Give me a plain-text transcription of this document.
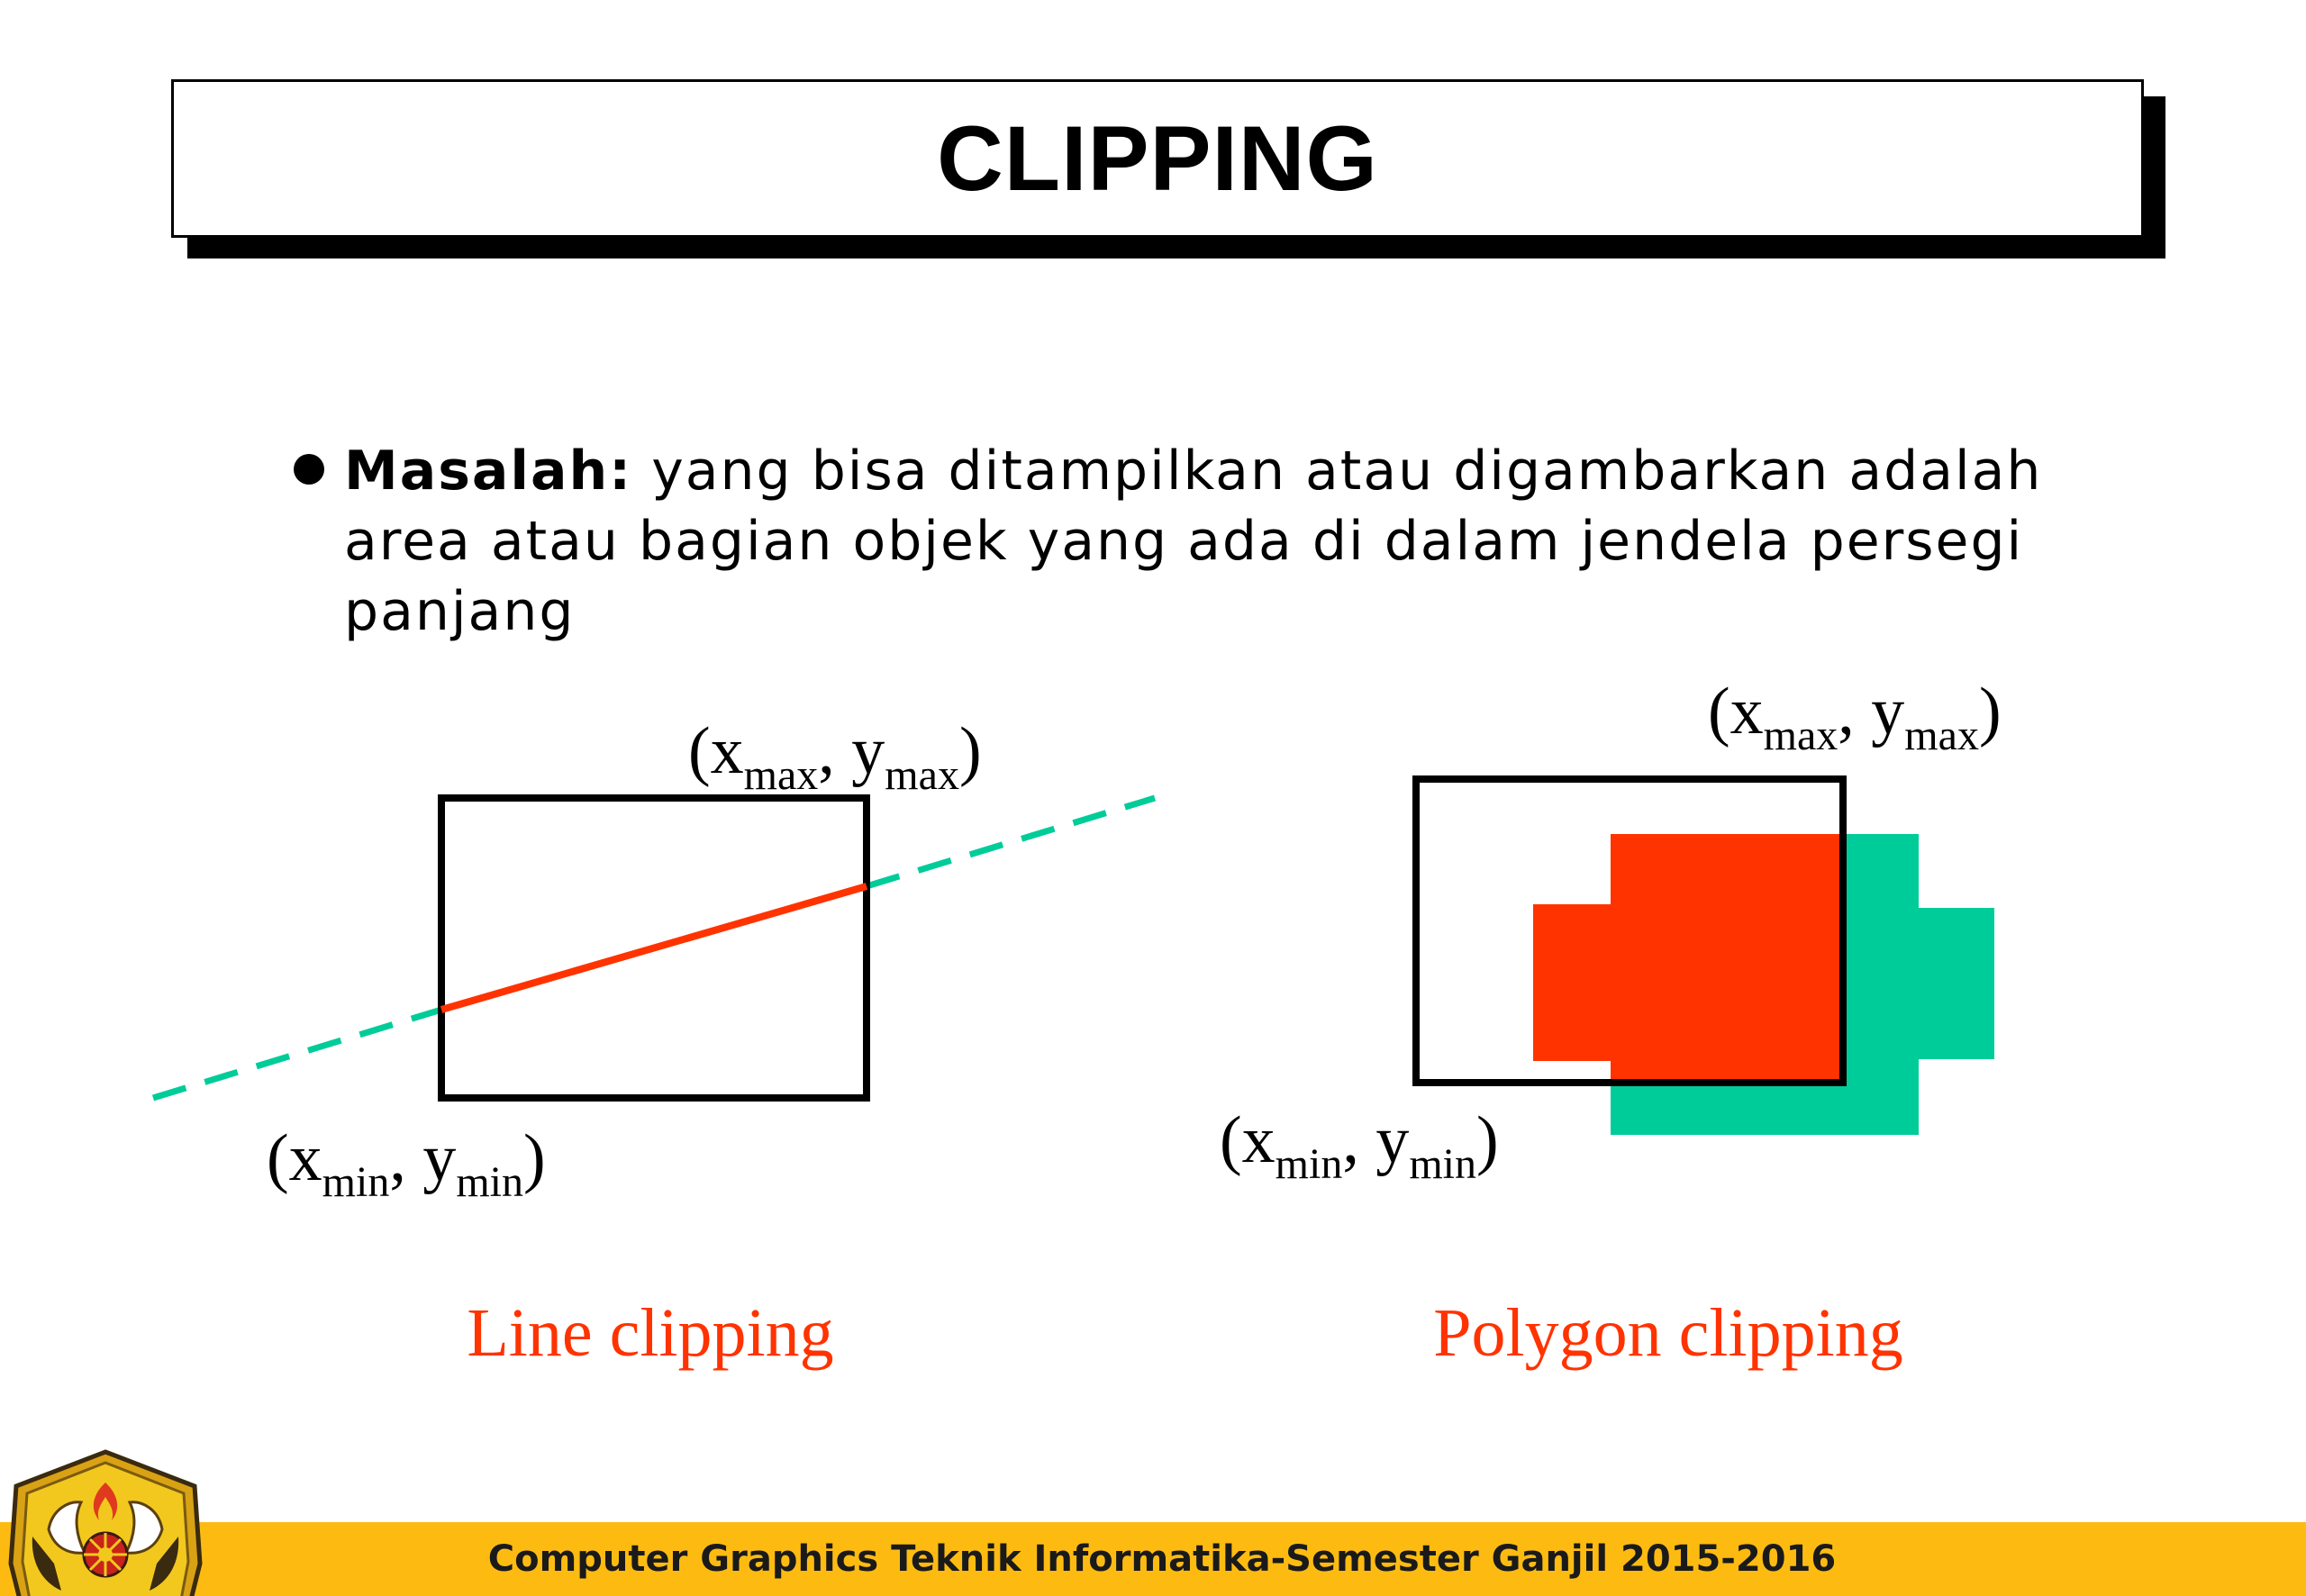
CLIPPING
Masalah: yang bisa ditampilkan atau digambarkan adalah area atau bagian objek yang ada di dalam jendela persegi panjang
($x_{max}$, $y_{max}$)
($x_{min}$, $y_{min}$)
Line clipping
($x_{max}$, $y_{max}$)
($x_{min}$, $y_{min}$)
Polygon clipping
Computer Graphics Teknik Informatika-Semester Ganjil 2015-2016
